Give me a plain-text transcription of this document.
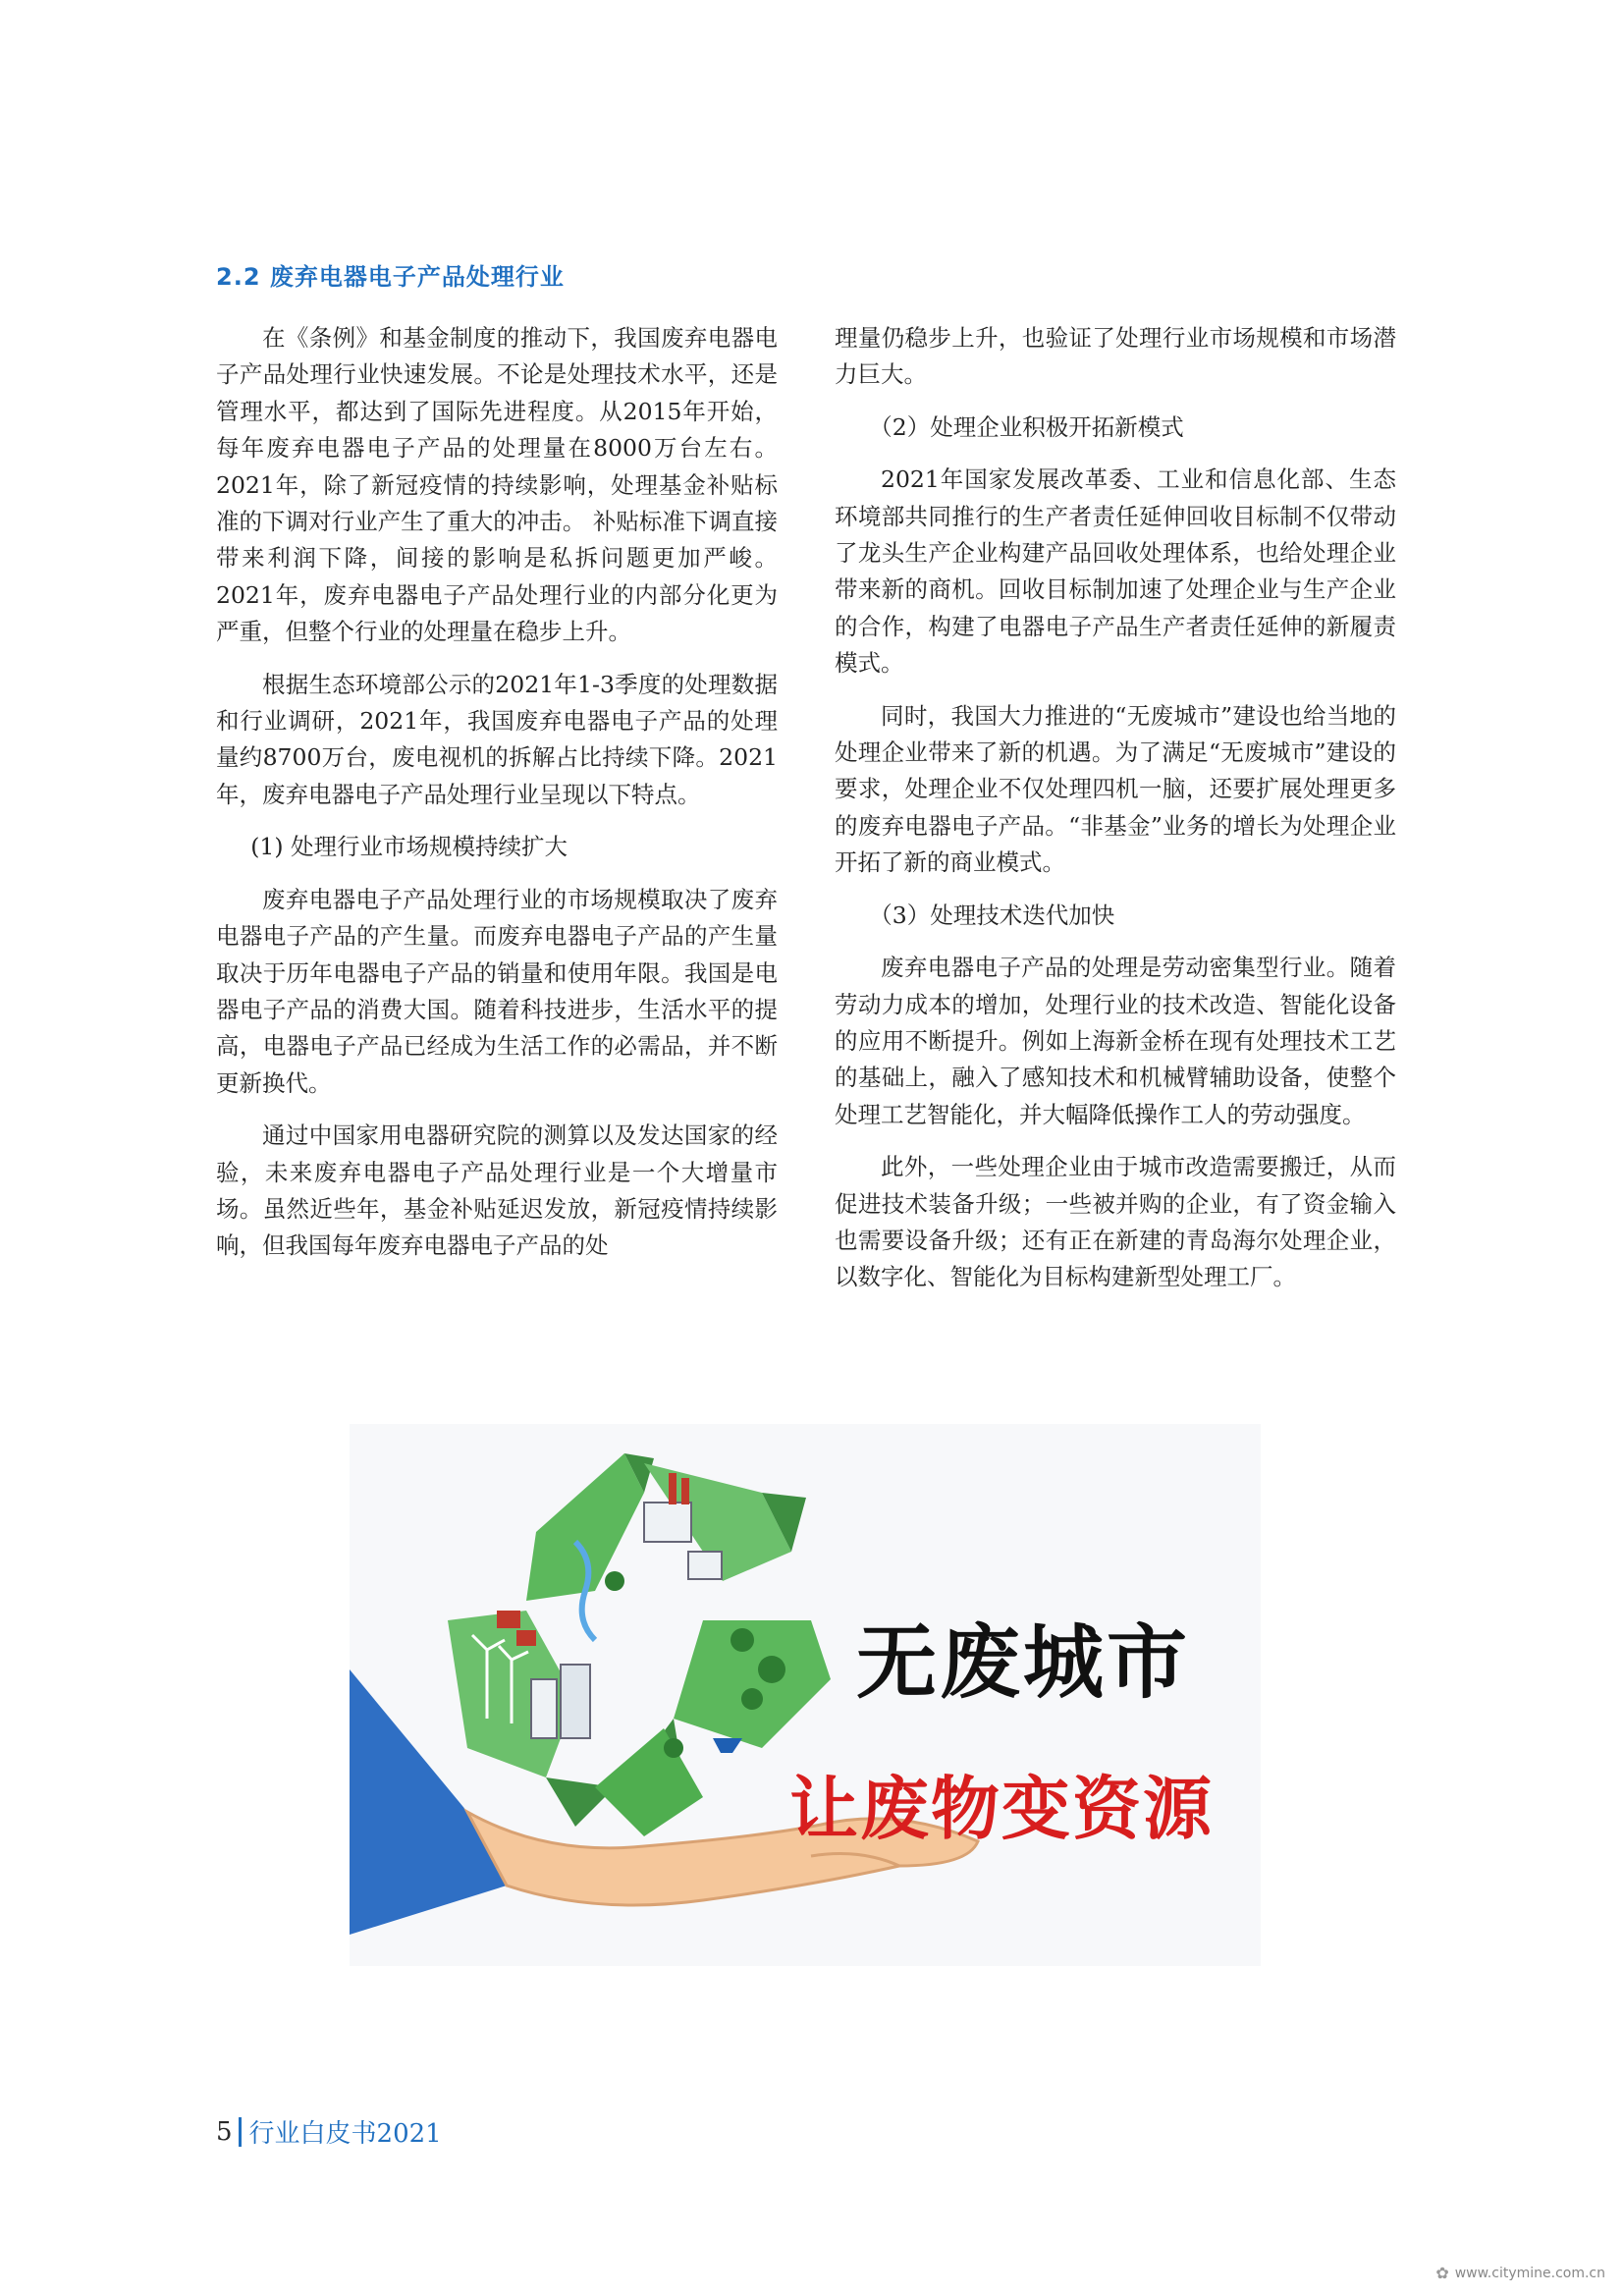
2.2 废弃电器电子产品处理行业

在《条例》和基金制度的推动下，我国废弃电器电子产品处理行业快速发展。不论是处理技术水平，还是管理水平，都达到了国际先进程度。从2015年开始，每年废弃电器电子产品的处理量在8000万台左右。2021年，除了新冠疫情的持续影响，处理基金补贴标准的下调对行业产生了重大的冲击。 补贴标准下调直接带来利润下降，间接的影响是私拆问题更加严峻。2021年，废弃电器电子产品处理行业的内部分化更为严重，但整个行业的处理量在稳步上升。

根据生态环境部公示的2021年1-3季度的处理数据和行业调研，2021年，我国废弃电器电子产品的处理量约8700万台，废电视机的拆解占比持续下降。2021年，废弃电器电子产品处理行业呈现以下特点。

(1) 处理行业市场规模持续扩大

废弃电器电子产品处理行业的市场规模取决了废弃电器电子产品的产生量。而废弃电器电子产品的产生量取决于历年电器电子产品的销量和使用年限。我国是电器电子产品的消费大国。随着科技进步，生活水平的提高，电器电子产品已经成为生活工作的必需品，并不断更新换代。

通过中国家用电器研究院的测算以及发达国家的经验，未来废弃电器电子产品处理行业是一个大增量市场。虽然近些年，基金补贴延迟发放，新冠疫情持续影响，但我国每年废弃电器电子产品的处

理量仍稳步上升，也验证了处理行业市场规模和市场潜力巨大。

（2）处理企业积极开拓新模式

2021年国家发展改革委、工业和信息化部、生态环境部共同推行的生产者责任延伸回收目标制不仅带动了龙头生产企业构建产品回收处理体系，也给处理企业带来新的商机。回收目标制加速了处理企业与生产企业的合作，构建了电器电子产品生产者责任延伸的新履责模式。

同时，我国大力推进的“无废城市”建设也给当地的处理企业带来了新的机遇。为了满足“无废城市”建设的要求，处理企业不仅处理四机一脑，还要扩展处理更多的废弃电器电子产品。“非基金”业务的增长为处理企业开拓了新的商业模式。

（3）处理技术迭代加快

废弃电器电子产品的处理是劳动密集型行业。随着劳动力成本的增加，处理行业的技术改造、智能化设备的应用不断提升。例如上海新金桥在现有处理技术工艺的基础上，融入了感知技术和机械臂辅助设备，使整个处理工艺智能化，并大幅降低操作工人的劳动强度。

此外，一些处理企业由于城市改造需要搬迁，从而促进技术装备升级；一些被并购的企业，有了资金输入也需要设备升级；还有正在新建的青岛海尔处理企业，以数字化、智能化为目标构建新型处理工厂。

无废城市

让废物变资源

5 行业白皮书2021
✿ www.citymine.com.cn
